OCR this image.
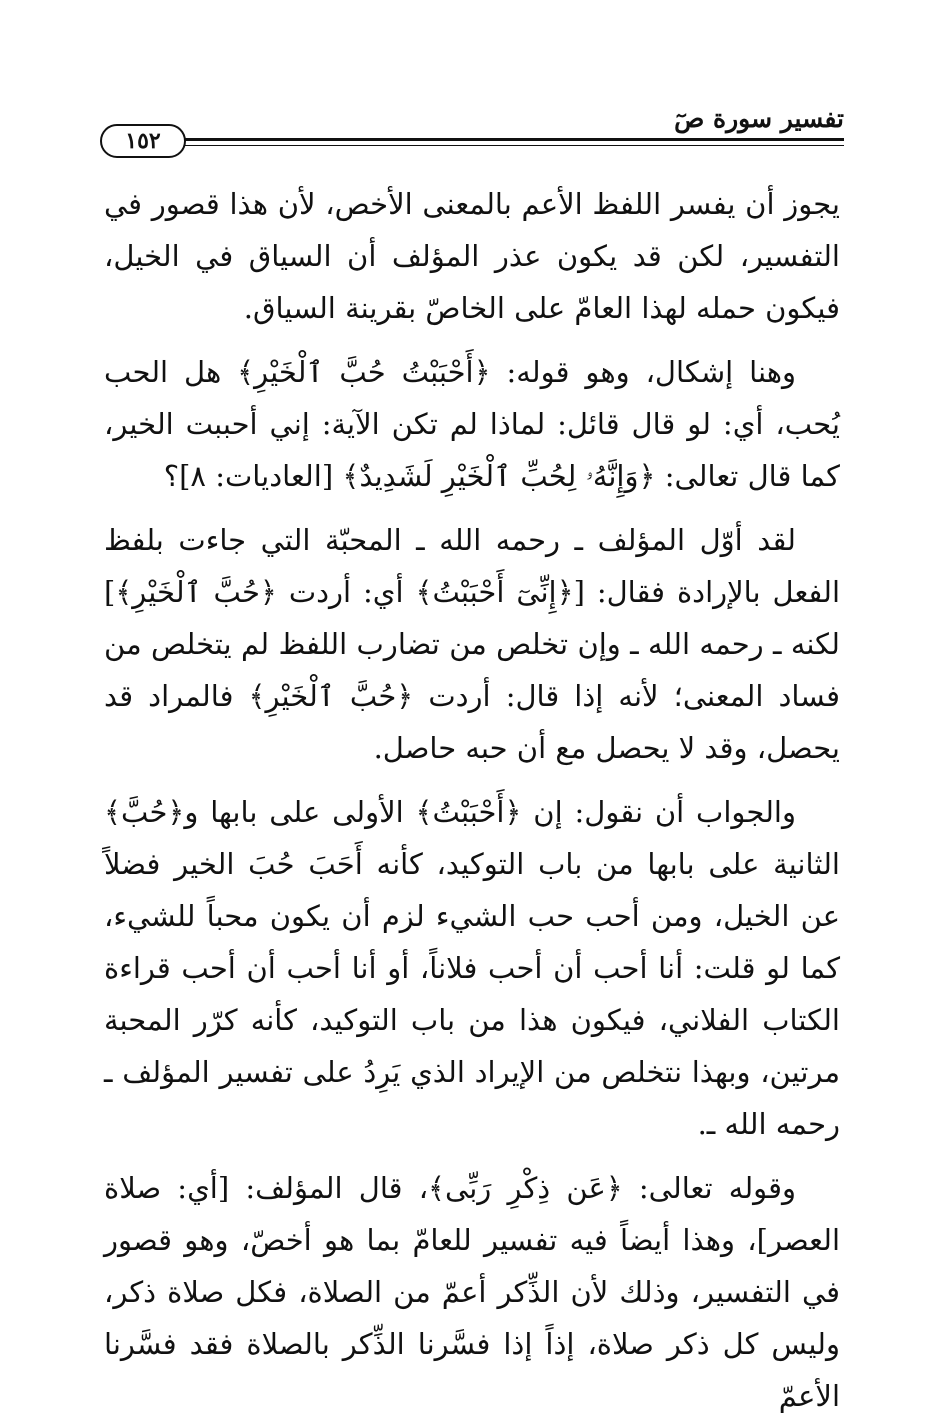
تفسير سورة صٓ
١٥٢

يجوز أن يفسر اللفظ الأعم بالمعنى الأخص، لأن هذا قصور في التفسير، لكن قد يكون عذر المؤلف أن السياق في الخيل، فيكون حمله لهذا العامّ على الخاصّ بقرينة السياق.

وهنا إشكال، وهو قوله: ﴿أَحْبَبْتُ حُبَّ ٱلْخَيْرِ﴾ هل الحب يُحب، أي: لو قال قائل: لماذا لم تكن الآية: إني أحببت الخير، كما قال تعالى: ﴿وَإِنَّهُۥ لِحُبِّ ٱلْخَيْرِ لَشَدِيدٌ﴾ [العاديات: ٨]؟

لقد أوّل المؤلف ـ رحمه الله ـ المحبّة التي جاءت بلفظ الفعل بالإرادة فقال: [﴿إِنِّىٓ أَحْبَبْتُ﴾ أي: أردت ﴿حُبَّ ٱلْخَيْرِ﴾] لكنه ـ رحمه الله ـ وإن تخلص من تضارب اللفظ لم يتخلص من فساد المعنى؛ لأنه إذا قال: أردت ﴿حُبَّ ٱلْخَيْرِ﴾ فالمراد قد يحصل، وقد لا يحصل مع أن حبه حاصل.

والجواب أن نقول: إن ﴿أَحْبَبْتُ﴾ الأولى على بابها و﴿حُبَّ﴾ الثانية على بابها من باب التوكيد، كأنه أَحَبَ حُبَ الخير فضلاً عن الخيل، ومن أحب حب الشيء لزم أن يكون محباً للشيء، كما لو قلت: أنا أحب أن أحب فلاناً، أو أنا أحب أن أحب قراءة الكتاب الفلاني، فيكون هذا من باب التوكيد، كأنه كرّر المحبة مرتين، وبهذا نتخلص من الإيراد الذي يَرِدُ على تفسير المؤلف ـ رحمه الله ـ.

وقوله تعالى: ﴿عَن ذِكْرِ رَبِّى﴾، قال المؤلف: [أي: صلاة العصر]، وهذا أيضاً فيه تفسير للعامّ بما هو أخصّ، وهو قصور في التفسير، وذلك لأن الذِّكر أعمّ من الصلاة، فكل صلاة ذكر، وليس كل ذكر صلاة، إذاً إذا فسَّرنا الذِّكر بالصلاة فقد فسَّرنا الأعمّ
